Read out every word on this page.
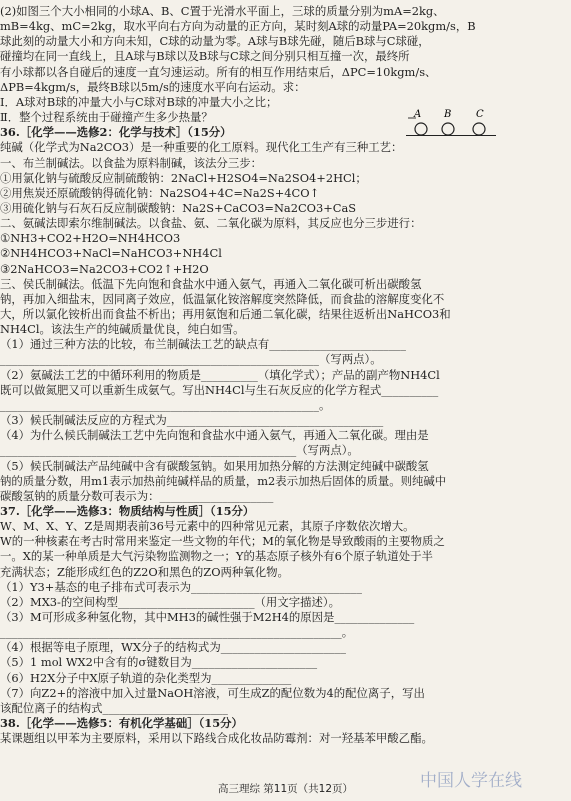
(2)如图三个大小相同的小球A、B、C置于光滑水平面上，三球的质量分别为mA=2kg、
mB=4kg、mC=2kg，取水平向右方向为动量的正方向，某时刻A球的动量PA=20kgm/s，B
球此刻的动量大小和方向未知，C球的动量为零。A球与B球先碰，随后B球与C球碰，
碰撞均在同一直线上，且A球与B球以及B球与C球之间分别只相互撞一次，最终所
有小球都以各自碰后的速度一直匀速运动。所有的相互作用结束后，ΔPC=10kgm/s、
ΔPB=4kgm/s，最终B球以5m/s的速度水平向右运动。求：
Ⅰ．A球对B球的冲量大小与C球对B球的冲量大小之比；
Ⅱ．整个过程系统由于碰撞产生多少热量？
36.［化学——选修2：化学与技术］（15分）
纯碱（化学式为Na2CO3）是一种重要的化工原料。现代化工生产有三种工艺：
一、布兰制碱法。以食盐为原料制碱，该法分三步：
①用氯化钠与硫酸反应制硫酸钠：2NaCl+H2SO4=Na2SO4+2HCl；
②用焦炭还原硫酸钠得硫化钠：Na2SO4+4C=Na2S+4CO↑
③用硫化钠与石灰石反应制碳酸钠：Na2S+CaCO3=Na2CO3+CaS
二、氨碱法即索尔维制碱法。以食盐、氨、二氧化碳为原料，其反应也分三步进行：
①NH3+CO2+H2O=NH4HCO3
②NH4HCO3+NaCl=NaHCO3+NH4Cl
③2NaHCO3=Na2CO3+CO2↑+H2O
三、侯氏制碱法。低温下先向饱和食盐水中通入氨气，再通入二氧化碳可析出碳酸氢
钠，再加入细盐末，因同离子效应，低温氯化铵溶解度突然降低，而食盐的溶解度变化不
大，所以氯化铵析出而食盐不析出；再用氨饱和后通二氧化碳，结果往返析出NaHCO3和
NH4Cl。该法生产的纯碱质量优良，纯白如雪。
（1）通过三种方法的比较，布兰制碱法工艺的缺点有________________________
________________________________________________________（写两点）。
（2）氨碱法工艺的中循环利用的物质是__________（填化学式）；产品的副产物NH4Cl
既可以做氮肥又可以重新生成氨气。写出NH4Cl与生石灰反应的化学方程式__________
________________________________________________________。
（3）候氏制碱法反应的方程式为______________________________________
（4）为什么候氏制碱法工艺中先向饱和食盐水中通入氨气，再通入二氧化碳。理由是
____________________________________________________（写两点）。
（5）候氏制碱法产品纯碱中含有碳酸氢钠。如果用加热分解的方法测定纯碱中碳酸氢
钠的质量分数，用m1表示加热前纯碱样品的质量，m2表示加热后固体的质量。则纯碱中
碳酸氢钠的质量分数可表示为：____________________
37.［化学——选修3：物质结构与性质］（15分）
W、M、X、Y、Z是周期表前36号元素中的四种常见元素，其原子序数依次增大。
W的一种核素在考古时常用来鉴定一些文物的年代；M的氧化物是导致酸雨的主要物质之
一。X的某一种单质是大气污染物监测物之一；Y的基态原子核外有6个原子轨道处于半
充满状态；Z能形成红色的Z2O和黑色的ZO两种氧化物。
（1）Y3+基态的电子排布式可表示为______________________________
（2）MX3-的空间构型________________________（用文字描述）。
（3）M可形成多种氢化物，其中MH3的碱性强于M2H4的原因是______________
____________________________________________________________。
（4）根据等电子原理，WX分子的结构式为______________________
（5）1 mol WX2中含有的σ键数目为______________________
（6）H2X分子中X原子轨道的杂化类型为______________
（7）向Z2+的溶液中加入过量NaOH溶液，可生成Z的配位数为4的配位离子，写出
该配位离子的结构式______________________
38.［化学——选修5：有机化学基础］（15分）
某课题组以甲苯为主要原料，采用以下路线合成化妆品防霉剂：对一羟基苯甲酸乙酯。
A B C
中国人学在线
高三理综 第11页（共12页）
